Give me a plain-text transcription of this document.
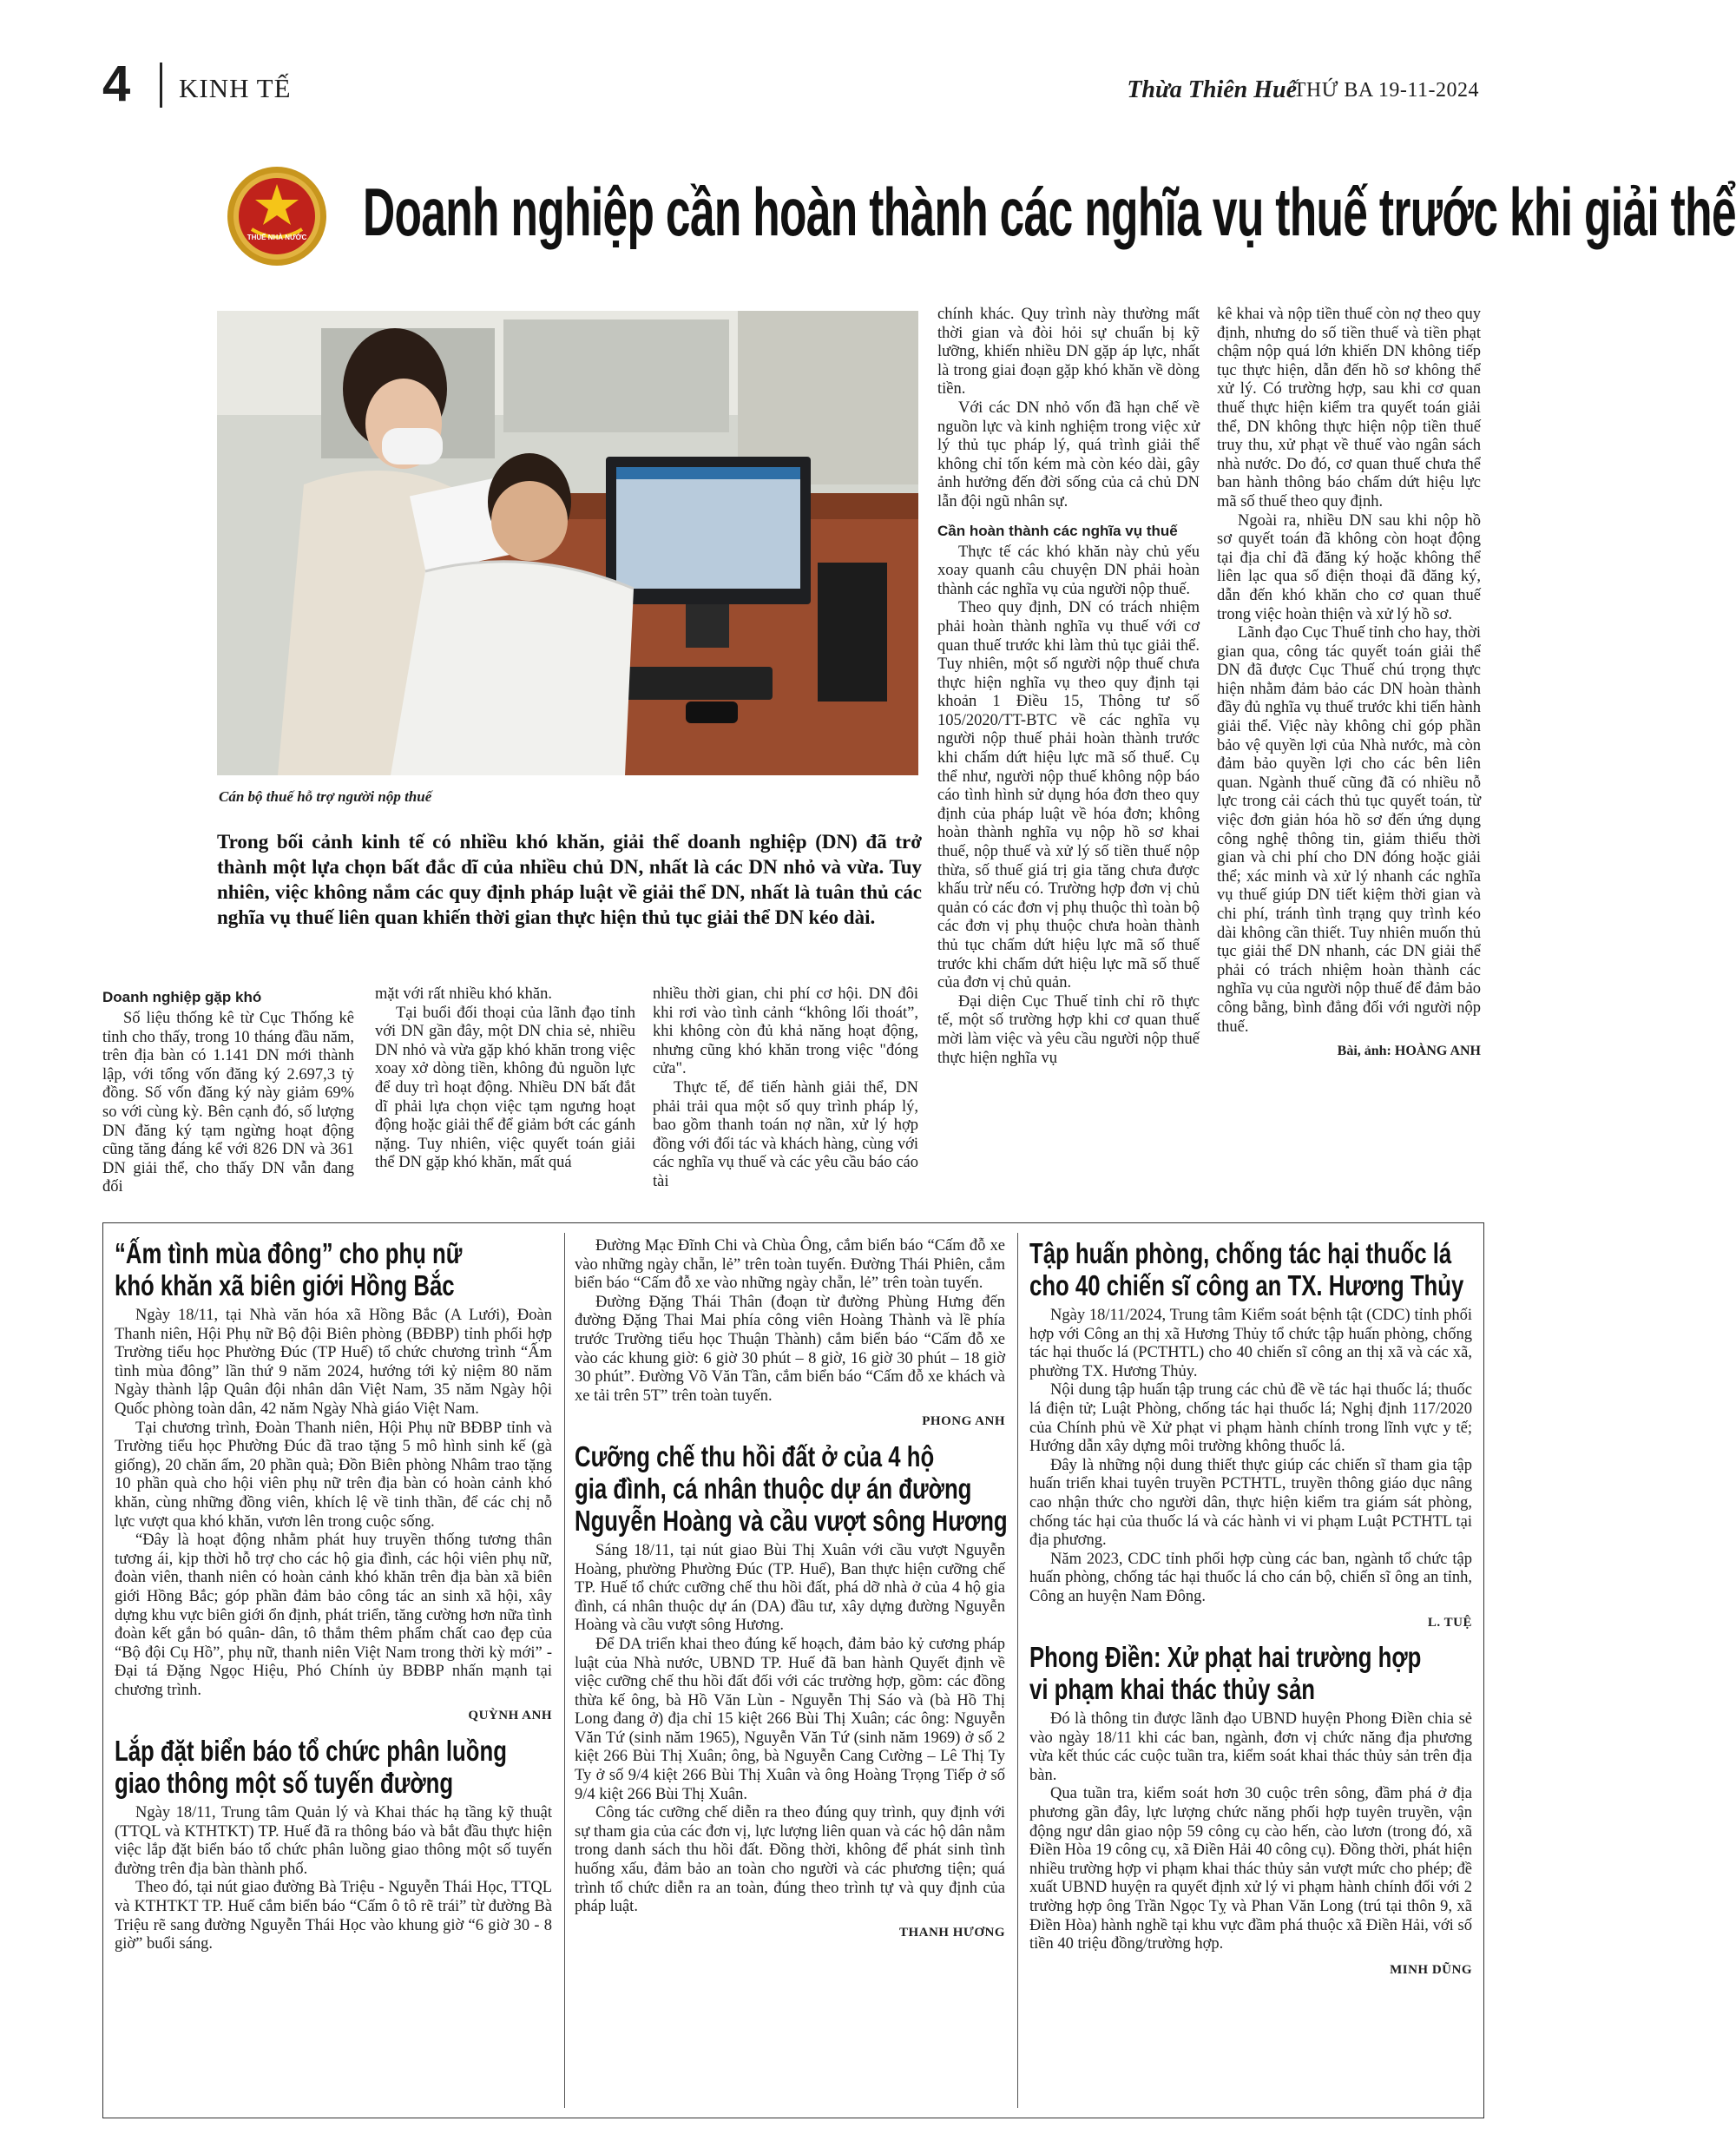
4 KINH TẾ	Thừa Thiên Huế
THỨ BA 19-11-2024
THUẾ NHÀ NƯỚC Doanh nghiệp cần hoàn thành các nghĩa vụ thuế trước khi giải thể
Cán bộ thuế hỗ trợ người nộp thuế

Trong bối cảnh kinh tế có nhiều khó khăn, giải thể doanh nghiệp (DN) đã trở thành một lựa chọn bất đắc dĩ của nhiều chủ DN, nhất là các DN nhỏ và vừa. Tuy nhiên, việc không nắm các quy định pháp luật về giải thể DN, nhất là tuân thủ các nghĩa vụ thuế liên quan khiến thời gian thực hiện thủ tục giải thể DN kéo dài.

Doanh nghiệp gặp khó

Số liệu thống kê từ Cục Thống kê tỉnh cho thấy, trong 10 tháng đầu năm, trên địa bàn có 1.141 DN mới thành lập, với tổng vốn đăng ký 2.697,3 tỷ đồng. Số vốn đăng ký này giảm 69% so với cùng kỳ. Bên cạnh đó, số lượng DN đăng ký tạm ngừng hoạt động cũng tăng đáng kể với 826 DN và 361 DN giải thể, cho thấy DN vẫn đang đối

mặt với rất nhiều khó khăn.

Tại buổi đối thoại của lãnh đạo tỉnh với DN gần đây, một DN chia sẻ, nhiều DN nhỏ và vừa gặp khó khăn trong việc xoay xở dòng tiền, không đủ nguồn lực để duy trì hoạt động. Nhiều DN bất đắt dĩ phải lựa chọn việc tạm ngưng hoạt động hoặc giải thể để giảm bớt các gánh nặng. Tuy nhiên, việc quyết toán giải thể DN gặp khó khăn, mất quá

nhiều thời gian, chi phí cơ hội. DN đôi khi rơi vào tình cảnh “không lối thoát”, khi không còn đủ khả năng hoạt động, nhưng cũng khó khăn trong việc "đóng cửa".

Thực tế, để tiến hành giải thể, DN phải trải qua một số quy trình pháp lý, bao gồm thanh toán nợ nần, xử lý hợp đồng với đối tác và khách hàng, cùng với các nghĩa vụ thuế và các yêu cầu báo cáo tài

chính khác. Quy trình này thường mất thời gian và đòi hỏi sự chuẩn bị kỹ lưỡng, khiến nhiều DN gặp áp lực, nhất là trong giai đoạn gặp khó khăn về dòng tiền.

Với các DN nhỏ vốn đã hạn chế về nguồn lực và kinh nghiệm trong việc xử lý thủ tục pháp lý, quá trình giải thể không chỉ tốn kém mà còn kéo dài, gây ảnh hưởng đến đời sống của cả chủ DN lẫn đội ngũ nhân sự.

Cần hoàn thành các nghĩa vụ thuế

Thực tế các khó khăn này chủ yếu xoay quanh câu chuyện DN phải hoàn thành các nghĩa vụ của người nộp thuế.

Theo quy định, DN có trách nhiệm phải hoàn thành nghĩa vụ thuế với cơ quan thuế trước khi làm thủ tục giải thể. Tuy nhiên, một số người nộp thuế chưa thực hiện nghĩa vụ theo quy định tại khoản 1 Điều 15, Thông tư số 105/2020/TT-BTC về các nghĩa vụ người nộp thuế phải hoàn thành trước khi chấm dứt hiệu lực mã số thuế. Cụ thể như, người nộp thuế không nộp báo cáo tình hình sử dụng hóa đơn theo quy định của pháp luật về hóa đơn; không hoàn thành nghĩa vụ nộp hồ sơ khai thuế, nộp thuế và xử lý số tiền thuế nộp thừa, số thuế giá trị gia tăng chưa được khấu trừ nếu có. Trường hợp đơn vị chủ quản có các đơn vị phụ thuộc thì toàn bộ các đơn vị phụ thuộc chưa hoàn thành thủ tục chấm dứt hiệu lực mã số thuế trước khi chấm dứt hiệu lực mã số thuế của đơn vị chủ quản.

Đại diện Cục Thuế tỉnh chỉ rõ thực tế, một số trường hợp khi cơ quan thuế mời làm việc và yêu cầu người nộp thuế thực hiện nghĩa vụ

kê khai và nộp tiền thuế còn nợ theo quy định, nhưng do số tiền thuế và tiền phạt chậm nộp quá lớn khiến DN không tiếp tục thực hiện, dẫn đến hồ sơ không thể xử lý. Có trường hợp, sau khi cơ quan thuế thực hiện kiểm tra quyết toán giải thể, DN không thực hiện nộp tiền thuế truy thu, xử phạt về thuế vào ngân sách nhà nước. Do đó, cơ quan thuế chưa thể ban hành thông báo chấm dứt hiệu lực mã số thuế theo quy định.

Ngoài ra, nhiều DN sau khi nộp hồ sơ quyết toán đã không còn hoạt động tại địa chỉ đã đăng ký hoặc không thể liên lạc qua số điện thoại đã đăng ký, dẫn đến khó khăn cho cơ quan thuế trong việc hoàn thiện và xử lý hồ sơ.

Lãnh đạo Cục Thuế tỉnh cho hay, thời gian qua, công tác quyết toán giải thể DN đã được Cục Thuế chú trọng thực hiện nhằm đảm bảo các DN hoàn thành đầy đủ nghĩa vụ thuế trước khi tiến hành giải thể. Việc này không chỉ góp phần bảo vệ quyền lợi của Nhà nước, mà còn đảm bảo quyền lợi cho các bên liên quan. Ngành thuế cũng đã có nhiều nỗ lực trong cải cách thủ tục quyết toán, từ việc đơn giản hóa hồ sơ đến ứng dụng công nghệ thông tin, giảm thiểu thời gian và chi phí cho DN đóng hoặc giải thể; xác minh và xử lý nhanh các nghĩa vụ thuế giúp DN tiết kiệm thời gian và chi phí, tránh tình trạng quy trình kéo dài không cần thiết. Tuy nhiên muốn thủ tục giải thể DN nhanh, các DN giải thể phải có trách nhiệm hoàn thành các nghĩa vụ của người nộp thuế để đảm bảo công bằng, bình đẳng đối với người nộp thuế.

Bài, ảnh: HOÀNG ANH

“Ấm tình mùa đông” cho phụ nữ
khó khăn xã biên giới Hồng Bắc

Ngày 18/11, tại Nhà văn hóa xã Hồng Bắc (A Lưới), Đoàn Thanh niên, Hội Phụ nữ Bộ đội Biên phòng (BĐBP) tỉnh phối hợp Trường tiểu học Phường Đúc (TP Huế) tổ chức chương trình “Ấm tình mùa đông” lần thứ 9 năm 2024, hướng tới kỷ niệm 80 năm Ngày thành lập Quân đội nhân dân Việt Nam, 35 năm Ngày hội Quốc phòng toàn dân, 42 năm Ngày Nhà giáo Việt Nam.

Tại chương trình, Đoàn Thanh niên, Hội Phụ nữ BĐBP tỉnh và Trường tiểu học Phường Đúc đã trao tặng 5 mô hình sinh kế (gà giống), 20 chăn ấm, 20 phần quà; Đồn Biên phòng Nhâm trao tặng 10 phần quà cho hội viên phụ nữ trên địa bàn có hoàn cảnh khó khăn, cùng những đồng viên, khích lệ về tinh thần, để các chị nỗ lực vượt qua khó khăn, vươn lên trong cuộc sống.

“Đây là hoạt động nhằm phát huy truyền thống tương thân tương ái, kịp thời hỗ trợ cho các hộ gia đình, các hội viên phụ nữ, đoàn viên, thanh niên có hoàn cảnh khó khăn trên địa bàn xã biên giới Hồng Bắc; góp phần đảm bảo công tác an sinh xã hội, xây dựng khu vực biên giới ổn định, phát triển, tăng cường hơn nữa tình đoàn kết gắn bó quân- dân, tô thắm thêm phẩm chất cao đẹp của “Bộ đội Cụ Hồ”, phụ nữ, thanh niên Việt Nam trong thời kỳ mới” - Đại tá Đặng Ngọc Hiệu, Phó Chính ủy BĐBP nhấn mạnh tại chương trình.

QUỲNH ANH

Lắp đặt biển báo tổ chức phân luồng
giao thông một số tuyến đường

Ngày 18/11, Trung tâm Quản lý và Khai thác hạ tầng kỹ thuật (TTQL và KTHTKT) TP. Huế đã ra thông báo và bắt đầu thực hiện việc lắp đặt biển báo tổ chức phân luồng giao thông một số tuyến đường trên địa bàn thành phố.

Theo đó, tại nút giao đường Bà Triệu - Nguyễn Thái Học, TTQL và KTHTKT TP. Huế cắm biển báo “Cấm ô tô rẽ trái” từ đường Bà Triệu rẽ sang đường Nguyễn Thái Học vào khung giờ “6 giờ 30 - 8 giờ” buổi sáng.

Đường Mạc Đĩnh Chi và Chùa Ông, cắm biển báo “Cấm đỗ xe vào những ngày chẵn, lẻ” trên toàn tuyến. Đường Thái Phiên, cắm biển báo “Cấm đỗ xe vào những ngày chẵn, lẻ” trên toàn tuyến.

Đường Đặng Thái Thân (đoạn từ đường Phùng Hưng đến đường Đặng Thai Mai phía công viên Hoàng Thành và lề phía trước Trường tiểu học Thuận Thành) cắm biển báo “Cấm đỗ xe vào các khung giờ: 6 giờ 30 phút – 8 giờ, 16 giờ 30 phút – 18 giờ 30 phút”. Đường Võ Văn Tần, cắm biển báo “Cấm đỗ xe khách và xe tải trên 5T” trên toàn tuyến.

PHONG ANH

Cưỡng chế thu hồi đất ở của 4 hộ
gia đình, cá nhân thuộc dự án đường
Nguyễn Hoàng và cầu vượt sông Hương

Sáng 18/11, tại nút giao Bùi Thị Xuân với cầu vượt Nguyễn Hoàng, phường Phường Đúc (TP. Huế), Ban thực hiện cưỡng chế TP. Huế tổ chức cưỡng chế thu hồi đất, phá dỡ nhà ở của 4 hộ gia đình, cá nhân thuộc dự án (DA) đầu tư, xây dựng đường Nguyễn Hoàng và cầu vượt sông Hương.

Để DA triển khai theo đúng kế hoạch, đảm bảo kỷ cương pháp luật của Nhà nước, UBND TP. Huế đã ban hành Quyết định về việc cưỡng chế thu hồi đất đối với các trường hợp, gồm: các đồng thừa kế ông, bà Hồ Văn Lùn - Nguyễn Thị Sáo và (bà Hồ Thị Long đang ở) địa chỉ 15 kiệt 266 Bùi Thị Xuân; các ông: Nguyễn Văn Tứ (sinh năm 1965), Nguyễn Văn Tứ (sinh năm 1969) ở số 2 kiệt 266 Bùi Thị Xuân; ông, bà Nguyễn Cang Cường – Lê Thị Ty Ty ở số 9/4 kiệt 266 Bùi Thị Xuân và ông Hoàng Trọng Tiếp ở số 9/4 kiệt 266 Bùi Thị Xuân.

Công tác cưỡng chế diễn ra theo đúng quy trình, quy định với sự tham gia của các đơn vị, lực lượng liên quan và các hộ dân nằm trong danh sách thu hồi đất. Đồng thời, không để phát sinh tình huống xấu, đảm bảo an toàn cho người và các phương tiện; quá trình tổ chức diễn ra an toàn, đúng theo trình tự và quy định của pháp luật.

THANH HƯƠNG

Tập huấn phòng, chống tác hại thuốc lá
cho 40 chiến sĩ công an TX. Hương Thủy

Ngày 18/11/2024, Trung tâm Kiểm soát bệnh tật (CDC) tỉnh phối hợp với Công an thị xã Hương Thủy tổ chức tập huấn phòng, chống tác hại thuốc lá (PCTHTL) cho 40 chiến sĩ công an thị xã và các xã, phường TX. Hương Thủy.

Nội dung tập huấn tập trung các chủ đề về tác hại thuốc lá; thuốc lá điện tử; Luật Phòng, chống tác hại thuốc lá; Nghị định 117/2020 của Chính phủ về Xử phạt vi phạm hành chính trong lĩnh vực y tế; Hướng dẫn xây dựng môi trường không thuốc lá.

Đây là những nội dung thiết thực giúp các chiến sĩ tham gia tập huấn triển khai tuyên truyền PCTHTL, truyền thông giáo dục nâng cao nhận thức cho người dân, thực hiện kiểm tra giám sát phòng, chống tác hại của thuốc lá và các hành vi vi phạm Luật PCTHTL tại địa phương.

Năm 2023, CDC tỉnh phối hợp cùng các ban, ngành tổ chức tập huấn phòng, chống tác hại thuốc lá cho cán bộ, chiến sĩ ông an tỉnh, Công an huyện Nam Đông.

L. TUỆ

Phong Điền: Xử phạt hai trường hợp
vi phạm khai thác thủy sản

Đó là thông tin được lãnh đạo UBND huyện Phong Điền chia sẻ vào ngày 18/11 khi các ban, ngành, đơn vị chức năng địa phương vừa kết thúc các cuộc tuần tra, kiểm soát khai thác thủy sản trên địa bàn.

Qua tuần tra, kiểm soát hơn 30 cuộc trên sông, đầm phá ở địa phương gần đây, lực lượng chức năng phối hợp tuyên truyền, vận động ngư dân giao nộp 59 công cụ cào hến, cào lươn (trong đó, xã Điền Hòa 19 công cụ, xã Điền Hải 40 công cụ). Đồng thời, phát hiện nhiều trường hợp vi phạm khai thác thủy sản vượt mức cho phép; đề xuất UBND huyện ra quyết định xử lý vi phạm hành chính đối với 2 trường hợp ông Trần Ngọc Tỵ và Phan Văn Long (trú tại thôn 9, xã Điền Hòa) hành nghề tại khu vực đầm phá thuộc xã Điền Hải, với số tiền 40 triệu đồng/trường hợp.

MINH DŨNG
